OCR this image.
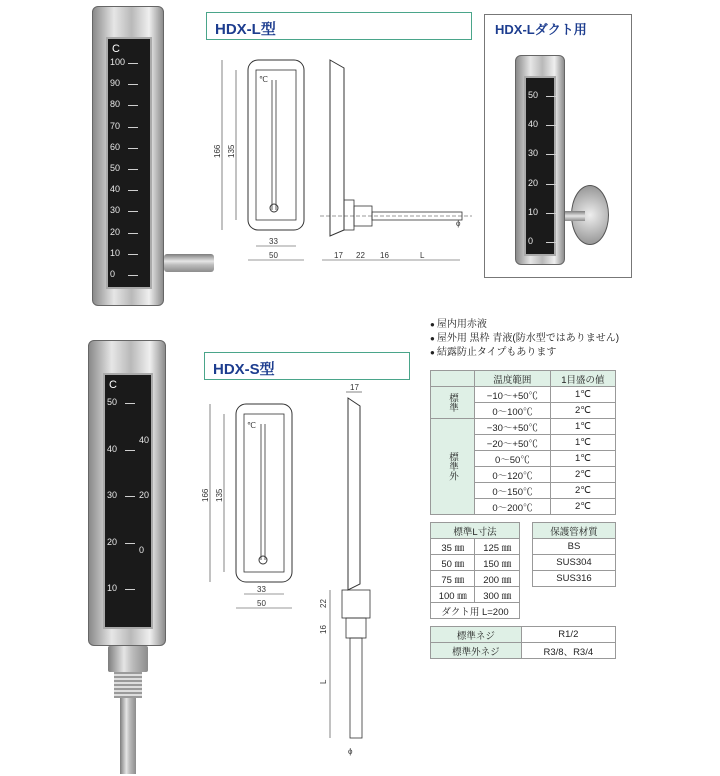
C
100
90
80
70
60
50
40
30
20
10
0
HDX-L型
℃
166 135
33
50	17 22 16	L
ϕ
HDX-Lダクト用
50
40
30
20
10
0
C
50
40
30
20
10
40
20
0
HDX-S型
℃
166 135
33
50
17
22
16
L
ϕ
● 屋内用赤液
● 屋外用 黒枠 青液(防水型ではありません)
● 結露防止タイプもあります
	温度範囲	1目盛の値
標準	−10〜+50℃	1℃
	0〜100℃	2℃
標準外	−30〜+50℃	1℃
	−20〜+50℃	1℃
	0〜50℃	1℃
	0〜120℃	2℃
	0〜150℃	2℃
	0〜200℃	2℃
標準L寸法	
35 ㎜	125 ㎜
50 ㎜	150 ㎜
75 ㎜	200 ㎜
100 ㎜	300 ㎜
ダクト用 L=200	
保護管材質
BS
SUS304
SUS316
標準ネジ	R1/2
標準外ネジ	R3/8、R3/4
